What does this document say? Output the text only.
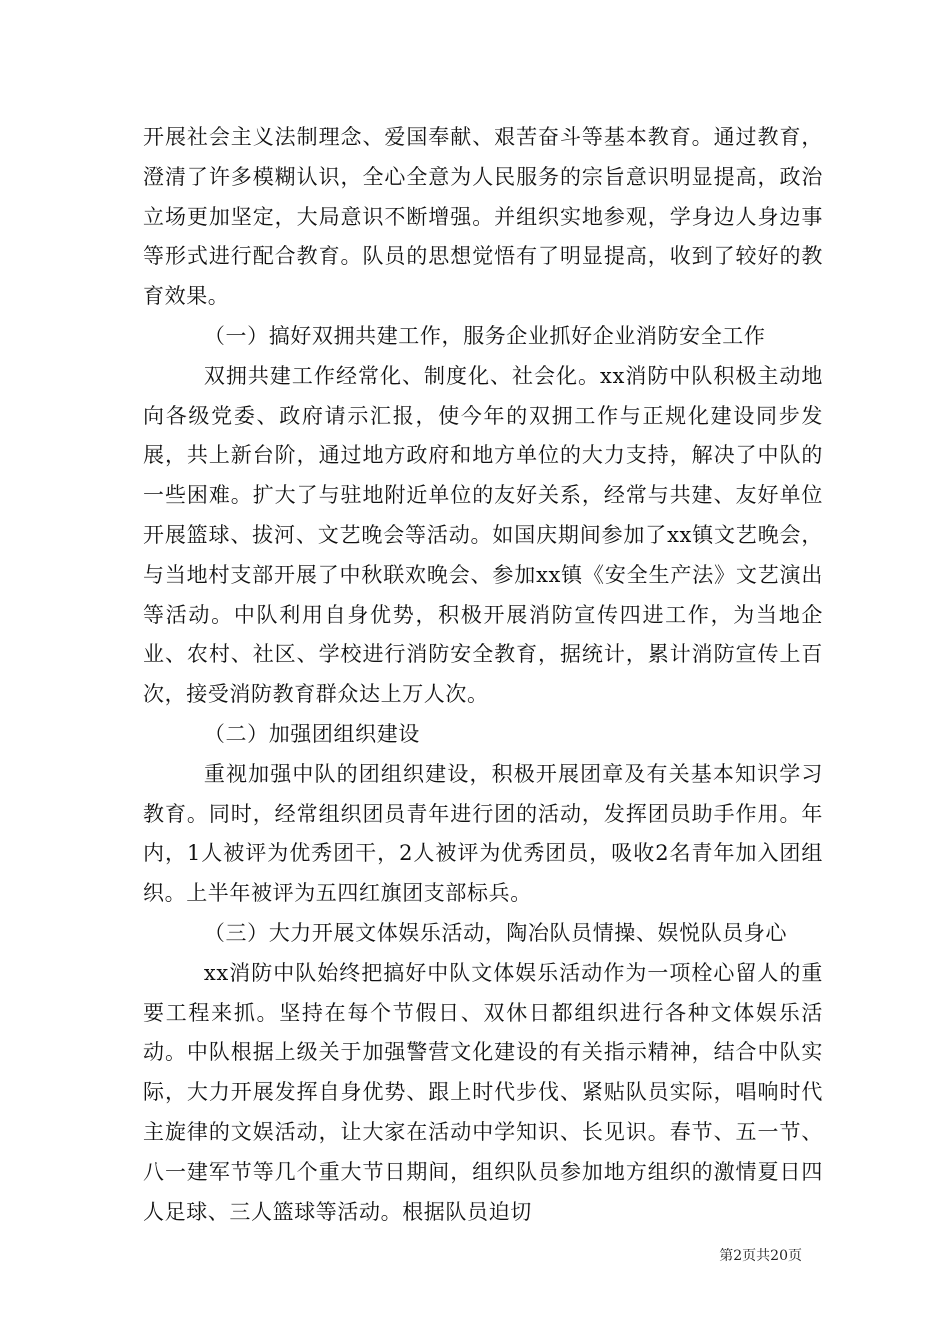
开展社会主义法制理念、爱国奉献、艰苦奋斗等基本教育。通过教育，澄清了许多模糊认识，全心全意为人民服务的宗旨意识明显提高，政治立场更加坚定，大局意识不断增强。并组织实地参观，学身边人身边事等形式进行配合教育。队员的思想觉悟有了明显提高，收到了较好的教育效果。

（一）搞好双拥共建工作，服务企业抓好企业消防安全工作

双拥共建工作经常化、制度化、社会化。xx消防中队积极主动地向各级党委、政府请示汇报，使今年的双拥工作与正规化建设同步发展，共上新台阶，通过地方政府和地方单位的大力支持，解决了中队的一些困难。扩大了与驻地附近单位的友好关系，经常与共建、友好单位开展篮球、拔河、文艺晚会等活动。如国庆期间参加了xx镇文艺晚会，与当地村支部开展了中秋联欢晚会、参加xx镇《安全生产法》文艺演出等活动。中队利用自身优势，积极开展消防宣传四进工作，为当地企业、农村、社区、学校进行消防安全教育，据统计，累计消防宣传上百次，接受消防教育群众达上万人次。

（二）加强团组织建设

重视加强中队的团组织建设，积极开展团章及有关基本知识学习教育。同时，经常组织团员青年进行团的活动，发挥团员助手作用。年内，1人被评为优秀团干，2人被评为优秀团员，吸收2名青年加入团组织。上半年被评为五四红旗团支部标兵。

（三）大力开展文体娱乐活动，陶冶队员情操、娱悦队员身心

xx消防中队始终把搞好中队文体娱乐活动作为一项栓心留人的重要工程来抓。坚持在每个节假日、双休日都组织进行各种文体娱乐活动。中队根据上级关于加强警营文化建设的有关指示精神，结合中队实际，大力开展发挥自身优势、跟上时代步伐、紧贴队员实际，唱响时代主旋律的文娱活动，让大家在活动中学知识、长见识。春节、五一节、八一建军节等几个重大节日期间，组织队员参加地方组织的激情夏日四人足球、三人篮球等活动。根据队员迫切

第2页共20页
